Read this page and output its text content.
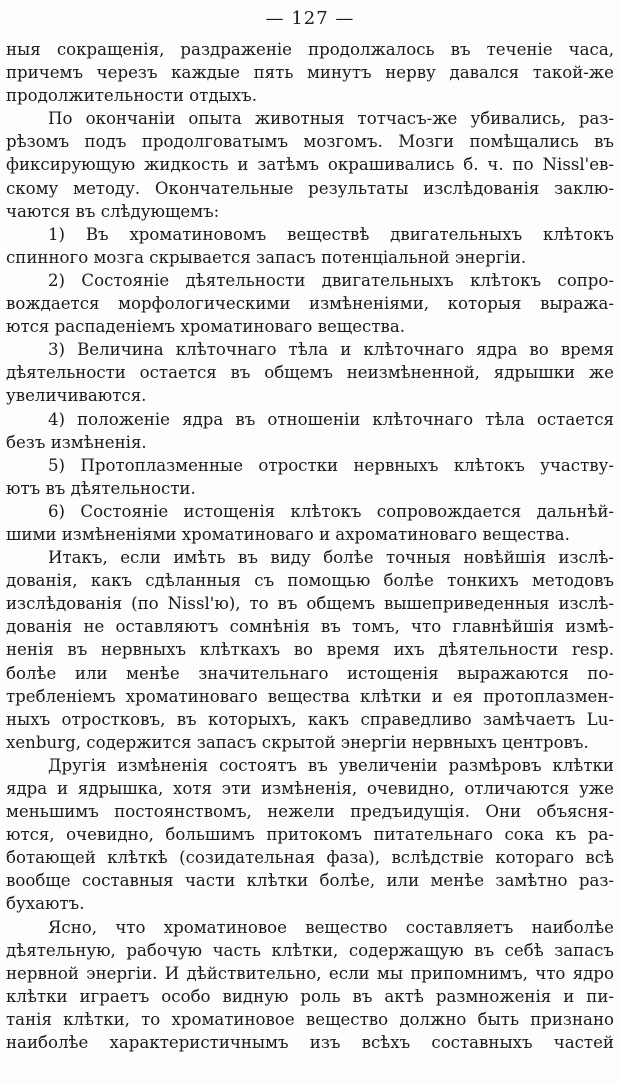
— 127 —
ныя сокращенія, раздраженіе продолжалось въ теченіе часа,
причемъ черезъ каждые пять минутъ нерву давался такой-же
продолжительности отдыхъ.
По окончаніи опыта животныя тотчасъ-же убивались, раз-
рѣзомъ подъ продолговатымъ мозгомъ. Мозги помѣщались въ
фиксирующую жидкость и затѣмъ окрашивались б. ч. по Nissl'ев-
скому методу. Окончательные результаты изслѣдованія заклю-
чаются въ слѣдующемъ:
1) Въ хроматиновомъ веществѣ двигательныхъ клѣтокъ
спинного мозга скрывается запасъ потенціальной энергіи.
2) Состояніе дѣятельности двигательныхъ клѣтокъ сопро-
вождается морфологическими измѣненіями, которыя выража-
ются распаденіемъ хроматиноваго вещества.
3) Величина клѣточнаго тѣла и клѣточнаго ядра во время
дѣятельности остается въ общемъ неизмѣненной, ядрышки же
увеличиваются.
4) положеніе ядра въ отношеніи клѣточнаго тѣла остается
безъ измѣненія.
5) Протоплазменные отростки нервныхъ клѣтокъ участву-
ютъ въ дѣятельности.
6) Состояніе истощенія клѣтокъ сопровождается дальнѣй-
шими измѣненіями хроматиноваго и ахроматиноваго вещества.
Итакъ, если имѣть въ виду болѣе точныя новѣйшія изслѣ-
дованія, какъ сдѣланныя съ помощью болѣе тонкихъ методовъ
изслѣдованія (по Nissl'ю), то въ общемъ вышеприведенныя изслѣ-
дованія не оставляютъ сомнѣнія въ томъ, что главнѣйшія измѣ-
ненія въ нервныхъ клѣткахъ во время ихъ дѣятельности resp.
болѣе или менѣе значительнаго истощенія выражаются по-
требленіемъ хроматиноваго вещества клѣтки и ея протоплазмен-
ныхъ отростковъ, въ которыхъ, какъ справедливо замѣчаетъ Lu-
xenburg, содержится запасъ скрытой энергіи нервныхъ центровъ.
Другія измѣненія состоятъ въ увеличеніи размѣровъ клѣтки
ядра и ядрышка, хотя эти измѣненія, очевидно, отличаются уже
меньшимъ постоянствомъ, нежели предъидущія. Они объясня-
ются, очевидно, большимъ притокомъ питательнаго сока къ ра-
ботающей клѣткѣ (созидательная фаза), вслѣдствіе котораго всѣ
вообще составныя части клѣтки болѣе, или менѣе замѣтно раз-
бухаютъ.
Ясно, что хроматиновое вещество составляетъ наиболѣе
дѣятельную, рабочую часть клѣтки, содержащую въ себѣ запасъ
нервной энергіи. И дѣйствительно, если мы припомнимъ, что ядро
клѣтки играетъ особо видную роль въ актѣ размноженія и пи-
танія клѣтки, то хроматиновое вещество должно быть признано
наиболѣе характеристичнымъ изъ всѣхъ составныхъ частей
